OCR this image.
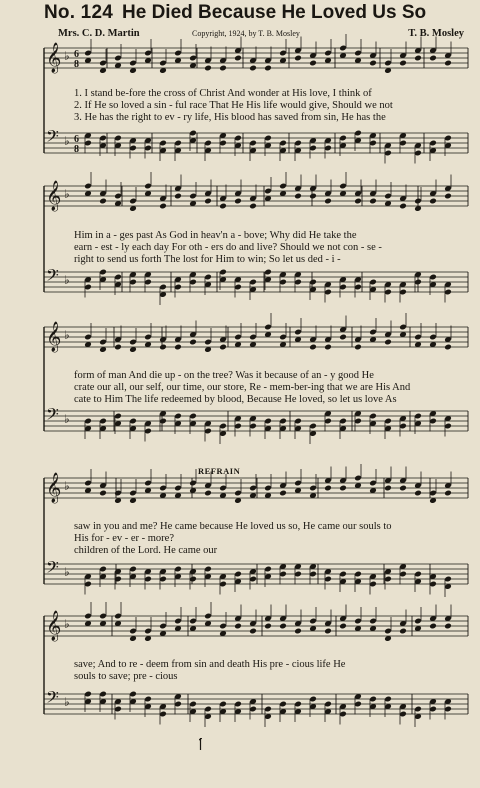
No. 124 He Died Because He Loved Us So
Mrs. C. D. Martin	Copyright, 1924, by T. B. Mosley	T. B. Mosley
𝄞 ♭ 6
8
𝄢 ♭ 6
8
𝄞 ♭
𝄢 ♭
𝄞 ♭
𝄢 ♭
𝄞 ♭
𝄢 ♭
𝄞 ♭
𝄢 ♭
1. I stand be-fore the cross of Christ And wonder at His love, I think of
2. If He so loved a sin - ful race That He His life would give, Should we not
3. He has the right to ev - ry life, His blood has saved from sin, He has the
Him in a - ges past As God in heav'n a - bove; Why did He take the
earn - est - ly each day For oth - ers do and live? Should we not con - se -
right to send us forth The lost for Him to win; So let us ded - i -
form of man And die up - on the tree? Was it because of an - y good He
crate our all, our self, our time, our store, Re - mem-ber-ing that we are His And
cate to Him The life redeemed by blood, Because He loved, so let us love As
REFRAIN
saw in you and me? He came because He loved us so, He came our souls to
His for - ev - er - more?
children of the Lord. He came our
save; And to re - deem from sin and death His pre - cious life He
souls to save; pre - cious
